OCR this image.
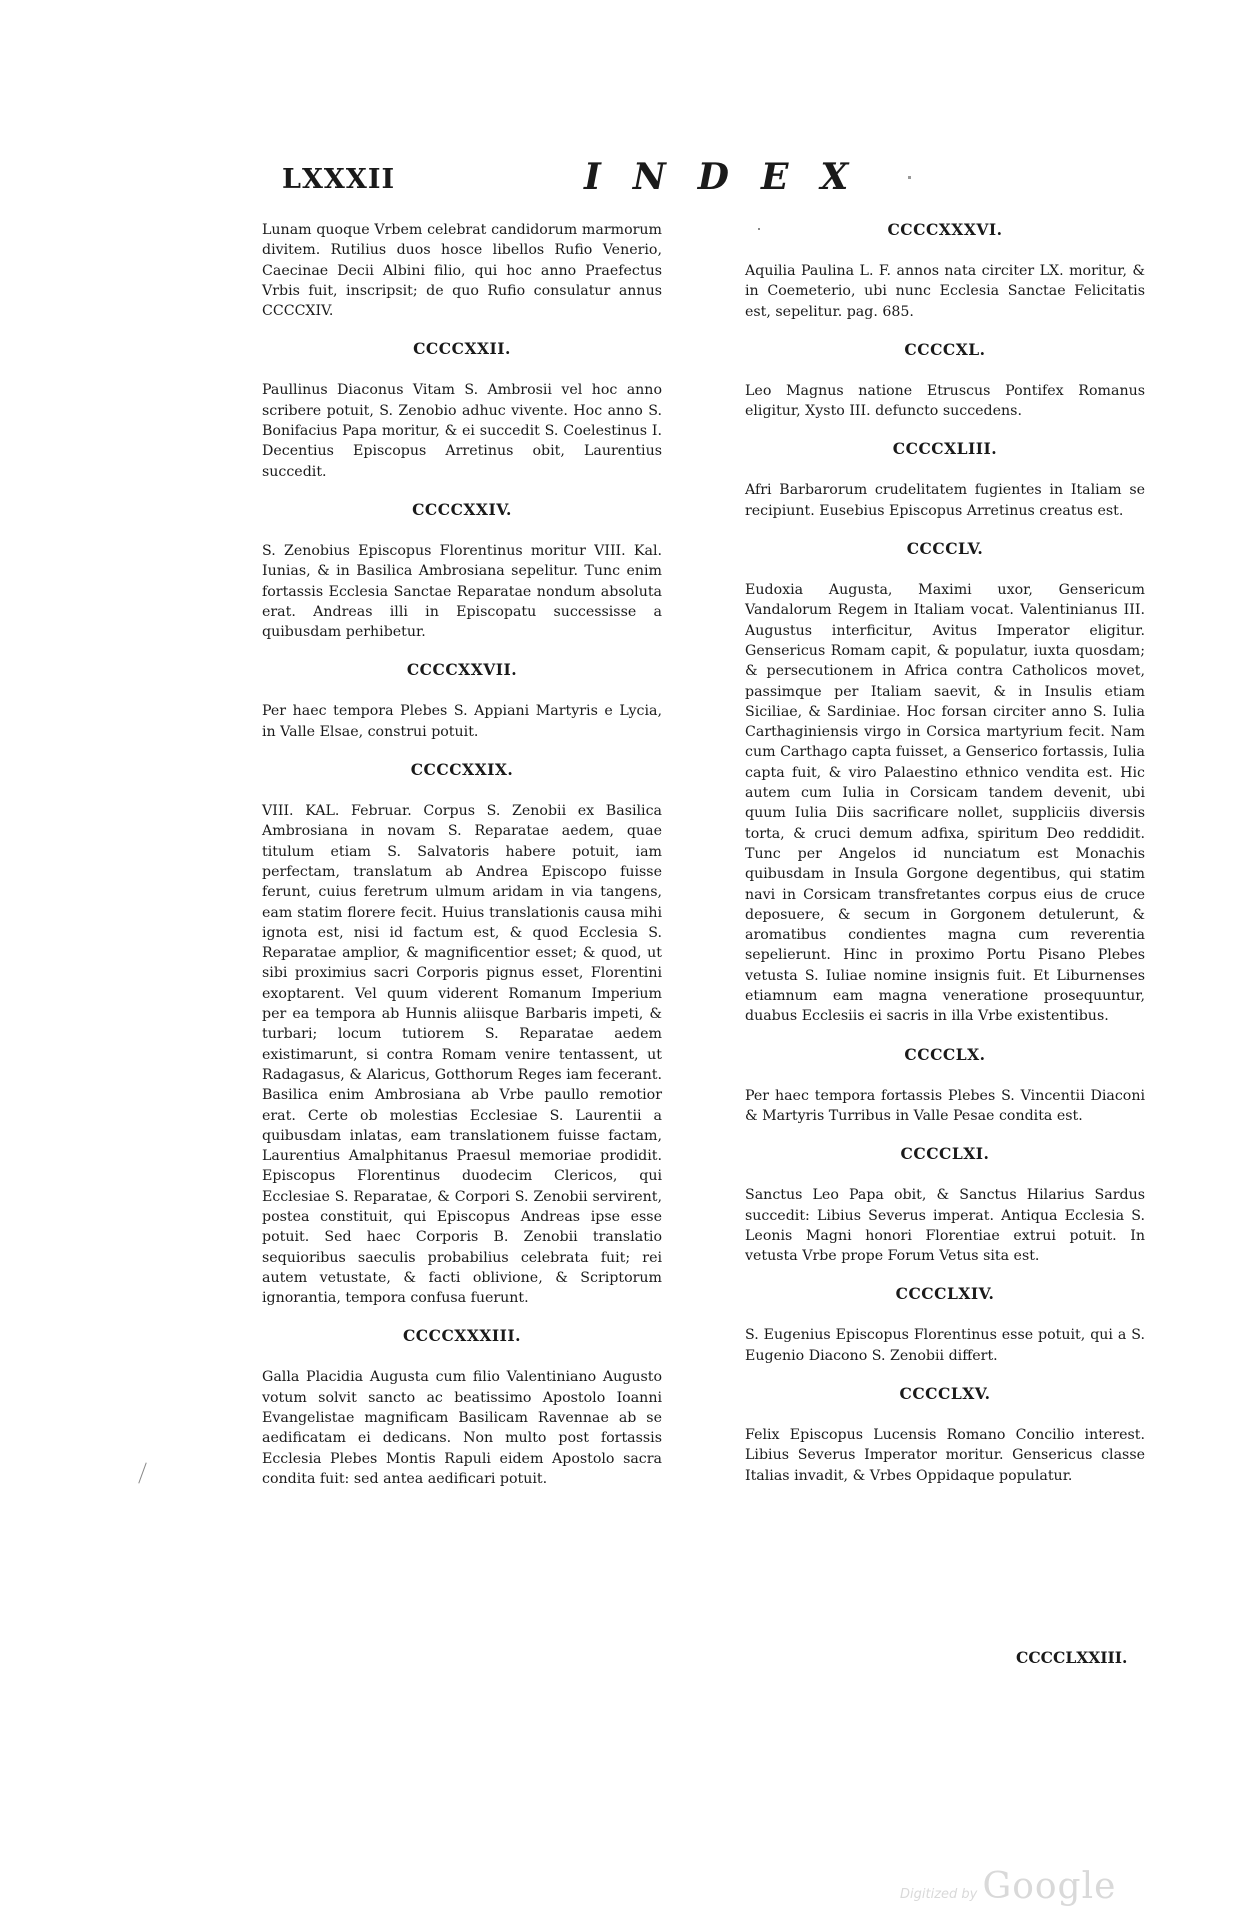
LXXXII	INDEX

Lunam quoque Vrbem celebrat candidorum marmorum divitem. Rutilius duos hosce libellos Rufio Venerio, Caecinae Decii Albini filio, qui hoc anno Praefectus Vrbis fuit, inscripsit; de quo Rufio consulatur annus CCCCXIV.

CCCCXXII.

Paullinus Diaconus Vitam S. Ambrosii vel hoc anno scribere potuit, S. Zenobio adhuc vivente. Hoc anno S. Bonifacius Papa moritur, & ei succedit S. Coelestinus I. Decentius Episcopus Arretinus obit, Laurentius succedit.

CCCCXXIV.

S. Zenobius Episcopus Florentinus moritur VIII. Kal. Iunias, & in Basilica Ambrosiana sepelitur. Tunc enim fortassis Ecclesia Sanctae Reparatae nondum absoluta erat. Andreas illi in Episcopatu successisse a quibusdam perhibetur.

CCCCXXVII.

Per haec tempora Plebes S. Appiani Martyris e Lycia, in Valle Elsae, construi potuit.

CCCCXXIX.

VIII. KAL. Februar. Corpus S. Zenobii ex Basilica Ambrosiana in novam S. Reparatae aedem, quae titulum etiam S. Salvatoris habere potuit, iam perfectam, translatum ab Andrea Episcopo fuisse ferunt, cuius feretrum ulmum aridam in via tangens, eam statim florere fecit. Huius translationis causa mihi ignota est, nisi id factum est, & quod Ecclesia S. Reparatae amplior, & magnificentior esset; & quod, ut sibi proximius sacri Corporis pignus esset, Florentini exoptarent. Vel quum viderent Romanum Imperium per ea tempora ab Hunnis aliisque Barbaris impeti, & turbari; locum tutiorem S. Reparatae aedem existimarunt, si contra Romam venire tentassent, ut Radagasus, & Alaricus, Gotthorum Reges iam fecerant. Basilica enim Ambrosiana ab Vrbe paullo remotior erat. Certe ob molestias Ecclesiae S. Laurentii a quibusdam inlatas, eam translationem fuisse factam, Laurentius Amalphitanus Praesul memoriae prodidit. Episcopus Florentinus duodecim Clericos, qui Ecclesiae S. Reparatae, & Corpori S. Zenobii servirent, postea constituit, qui Episcopus Andreas ipse esse potuit. Sed haec Corporis B. Zenobii translatio sequioribus saeculis probabilius celebrata fuit; rei autem vetustate, & facti oblivione, & Scriptorum ignorantia, tempora confusa fuerunt.

CCCCXXXIII.

Galla Placidia Augusta cum filio Valentiniano Augusto votum solvit sancto ac beatissimo Apostolo Ioanni Evangelistae magnificam Basilicam Ravennae ab se aedificatam ei dedicans. Non multo post fortassis Ecclesia Plebes Montis Rapuli eidem Apostolo sacra condita fuit: sed antea aedificari potuit.

CCCCXXXVI.

Aquilia Paulina L. F. annos nata circiter LX. moritur, & in Coemeterio, ubi nunc Ecclesia Sanctae Felicitatis est, sepelitur. pag. 685.

CCCCXL.

Leo Magnus natione Etruscus Pontifex Romanus eligitur, Xysto III. defuncto succedens.

CCCCXLIII.

Afri Barbarorum crudelitatem fugientes in Italiam se recipiunt. Eusebius Episcopus Arretinus creatus est.

CCCCLV.

Eudoxia Augusta, Maximi uxor, Gensericum Vandalorum Regem in Italiam vocat. Valentinianus III. Augustus interficitur, Avitus Imperator eligitur. Gensericus Romam capit, & populatur, iuxta quosdam; & persecutionem in Africa contra Catholicos movet, passimque per Italiam saevit, & in Insulis etiam Siciliae, & Sardiniae. Hoc forsan circiter anno S. Iulia Carthaginiensis virgo in Corsica martyrium fecit. Nam cum Carthago capta fuisset, a Genserico fortassis, Iulia capta fuit, & viro Palaestino ethnico vendita est. Hic autem cum Iulia in Corsicam tandem devenit, ubi quum Iulia Diis sacrificare nollet, suppliciis diversis torta, & cruci demum adfixa, spiritum Deo reddidit. Tunc per Angelos id nunciatum est Monachis quibusdam in Insula Gorgone degentibus, qui statim navi in Corsicam transfretantes corpus eius de cruce deposuere, & secum in Gorgonem detulerunt, & aromatibus condientes magna cum reverentia sepelierunt. Hinc in proximo Portu Pisano Plebes vetusta S. Iuliae nomine insignis fuit. Et Liburnenses etiamnum eam magna veneratione prosequuntur, duabus Ecclesiis ei sacris in illa Vrbe existentibus.

CCCCLX.

Per haec tempora fortassis Plebes S. Vincentii Diaconi & Martyris Turribus in Valle Pesae condita est.

CCCCLXI.

Sanctus Leo Papa obit, & Sanctus Hilarius Sardus succedit: Libius Severus imperat. Antiqua Ecclesia S. Leonis Magni honori Florentiae extrui potuit. In vetusta Vrbe prope Forum Vetus sita est.

CCCCLXIV.

S. Eugenius Episcopus Florentinus esse potuit, qui a S. Eugenio Diacono S. Zenobii differt.

CCCCLXV.

Felix Episcopus Lucensis Romano Concilio interest. Libius Severus Imperator moritur. Gensericus classe Italias invadit, & Vrbes Oppidaque populatur.

CCCCLXXIII.
Digitized by Google
